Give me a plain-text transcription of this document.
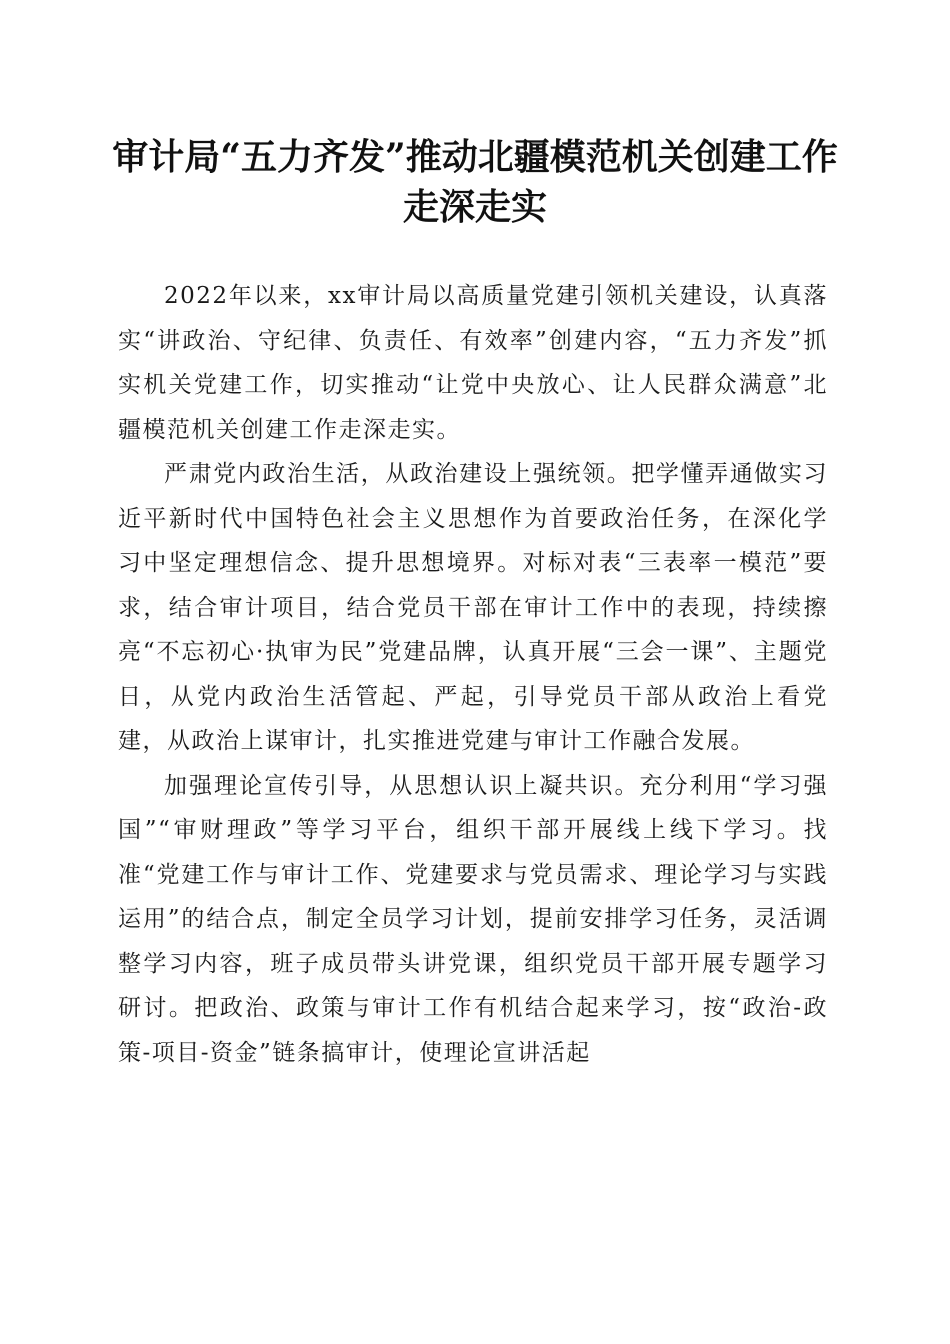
审计局“五力齐发”推动北疆模范机关创建工作走深走实

2022年以来，xx审计局以高质量党建引领机关建设，认真落实“讲政治、守纪律、负责任、有效率”创建内容，“五力齐发”抓实机关党建工作，切实推动“让党中央放心、让人民群众满意”北疆模范机关创建工作走深走实。

严肃党内政治生活，从政治建设上强统领。把学懂弄通做实习近平新时代中国特色社会主义思想作为首要政治任务，在深化学习中坚定理想信念、提升思想境界。对标对表“三表率一模范”要求，结合审计项目，结合党员干部在审计工作中的表现，持续擦亮“不忘初心·执审为民”党建品牌，认真开展“三会一课”、主题党日，从党内政治生活管起、严起，引导党员干部从政治上看党建，从政治上谋审计，扎实推进党建与审计工作融合发展。

加强理论宣传引导，从思想认识上凝共识。充分利用“学习强国”“审财理政”等学习平台，组织干部开展线上线下学习。找准“党建工作与审计工作、党建要求与党员需求、理论学习与实践运用”的结合点，制定全员学习计划，提前安排学习任务，灵活调整学习内容，班子成员带头讲党课，组织党员干部开展专题学习研讨。把政治、政策与审计工作有机结合起来学习，按“政治-政策-项目-资金”链条搞审计，使理论宣讲活起
